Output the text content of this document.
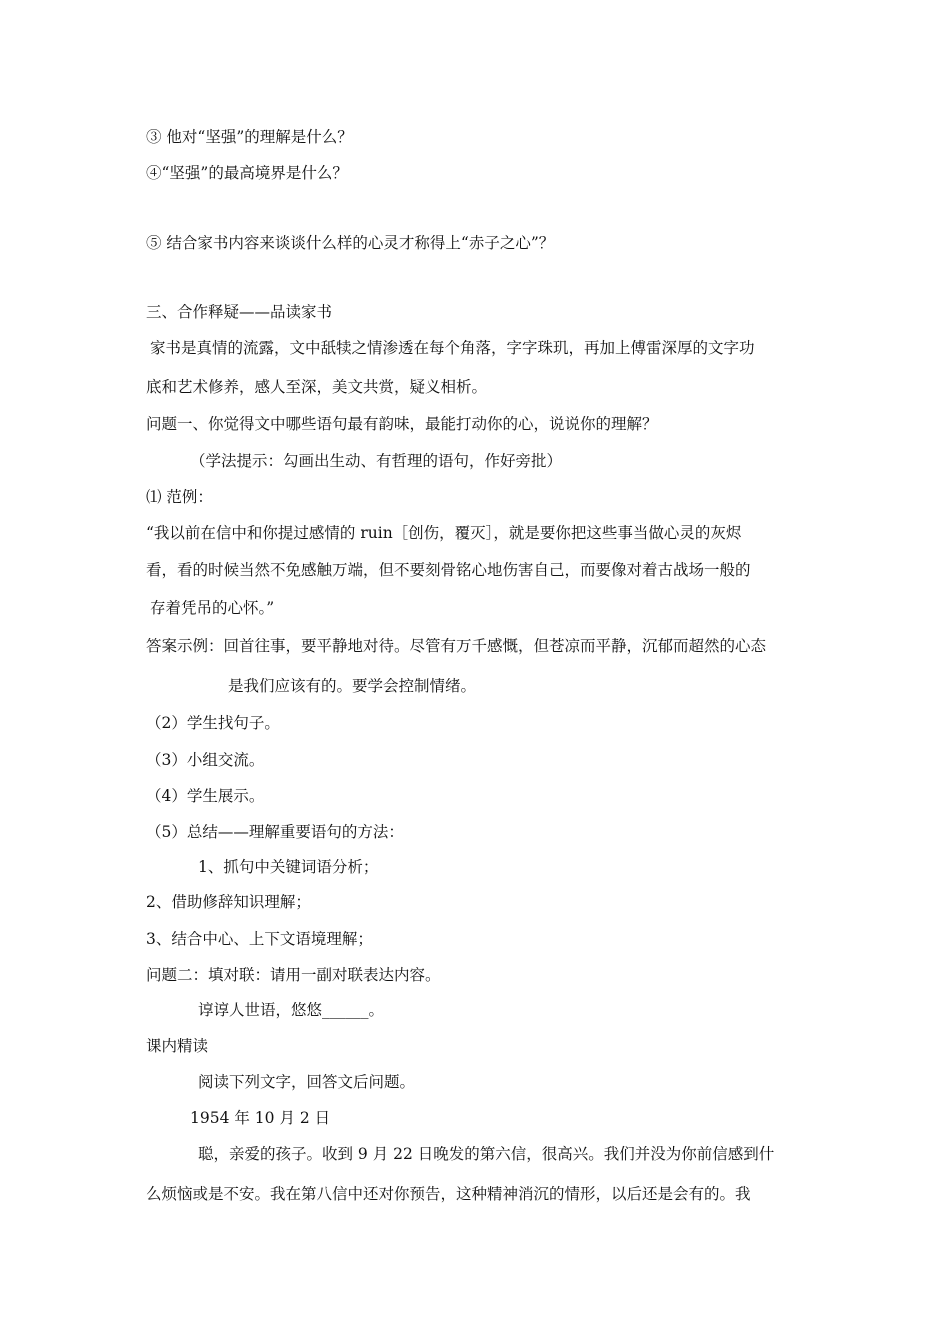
③ 他对“坚强”的理解是什么？
④“坚强”的最高境界是什么？
⑤ 结合家书内容来谈谈什么样的心灵才称得上“赤子之心”？
三、合作释疑——品读家书
家书是真情的流露，文中舐犊之情渗透在每个角落，字字珠玑，再加上傅雷深厚的文字功
底和艺术修养，感人至深，美文共赏，疑义相析。
问题一、你觉得文中哪些语句最有韵味，最能打动你的心，说说你的理解？
（学法提示：勾画出生动、有哲理的语句，作好旁批）
⑴ 范例：
“我以前在信中和你提过感情的 ruin［创伤，覆灭］，就是要你把这些事当做心灵的灰烬
看，看的时候当然不免感触万端，但不要刻骨铭心地伤害自己，而要像对着古战场一般的
存着凭吊的心怀。”
答案示例：回首往事，要平静地对待。尽管有万千感慨，但苍凉而平静，沉郁而超然的心态
是我们应该有的。要学会控制情绪。
（2）学生找句子。
（3）小组交流。
（4）学生展示。
（5）总结——理解重要语句的方法：
1、抓句中关键词语分析；
2、借助修辞知识理解；
3、结合中心、上下文语境理解；
问题二：填对联：请用一副对联表达内容。
谆谆人世语，悠悠______。
课内精读
阅读下列文字，回答文后问题。
1954 年 10 月 2 日
聪，亲爱的孩子。收到 9 月 22 日晚发的第六信，很高兴。我们并没为你前信感到什
么烦恼或是不安。我在第八信中还对你预告，这种精神消沉的情形，以后还是会有的。我
